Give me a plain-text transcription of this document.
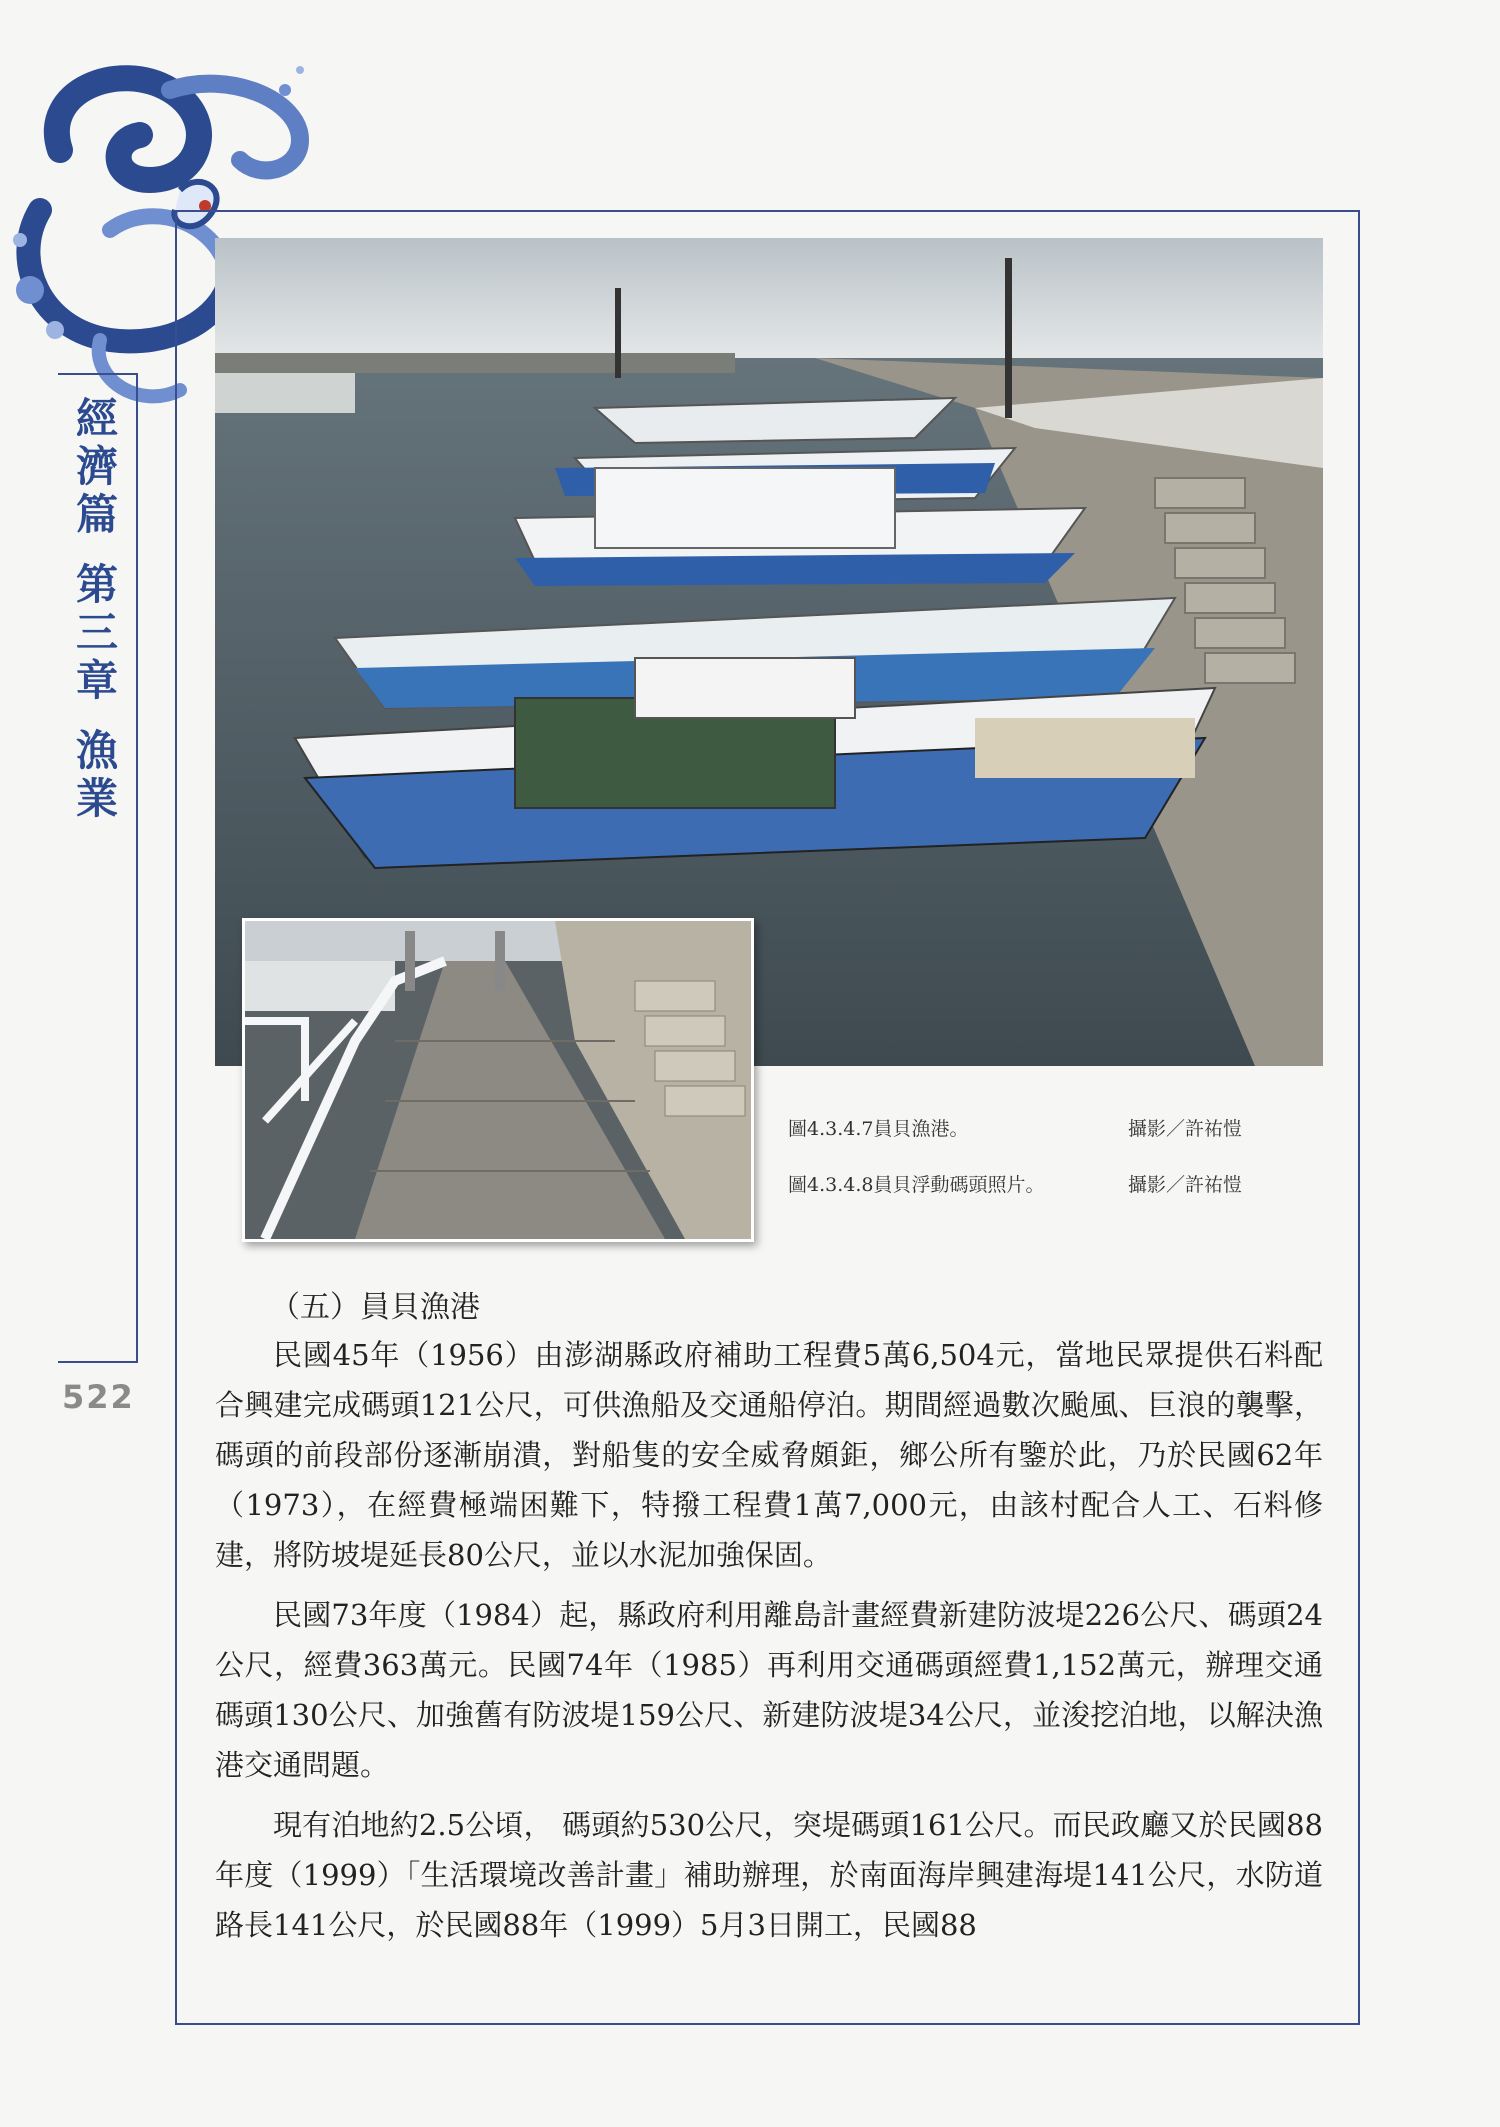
經
濟
篇
第
三
章
漁
業
522
圖4.3.4.7員貝漁港。	攝影／許祐愷
圖4.3.4.8員貝浮動碼頭照片。	攝影／許祐愷
（五）員貝漁港

民國45年（1956）由澎湖縣政府補助工程費5萬6,504元，當地民眾提供石料配合興建完成碼頭121公尺，可供漁船及交通船停泊。期間經過數次颱風、巨浪的襲擊，碼頭的前段部份逐漸崩潰，對船隻的安全威脅頗鉅，鄉公所有鑒於此，乃於民國62年（1973），在經費極端困難下，特撥工程費1萬7,000元，由該村配合人工、石料修建，將防坡堤延長80公尺，並以水泥加強保固。

民國73年度（1984）起，縣政府利用離島計畫經費新建防波堤226公尺、碼頭24公尺，經費363萬元。民國74年（1985）再利用交通碼頭經費1,152萬元，辦理交通碼頭130公尺、加強舊有防波堤159公尺、新建防波堤34公尺，並浚挖泊地，以解決漁港交通問題。

現有泊地約2.5公頃， 碼頭約530公尺，突堤碼頭161公尺。而民政廳又於民國88年度（1999）「生活環境改善計畫」補助辦理，於南面海岸興建海堤141公尺，水防道路長141公尺，於民國88年（1999）5月3日開工，民國88
